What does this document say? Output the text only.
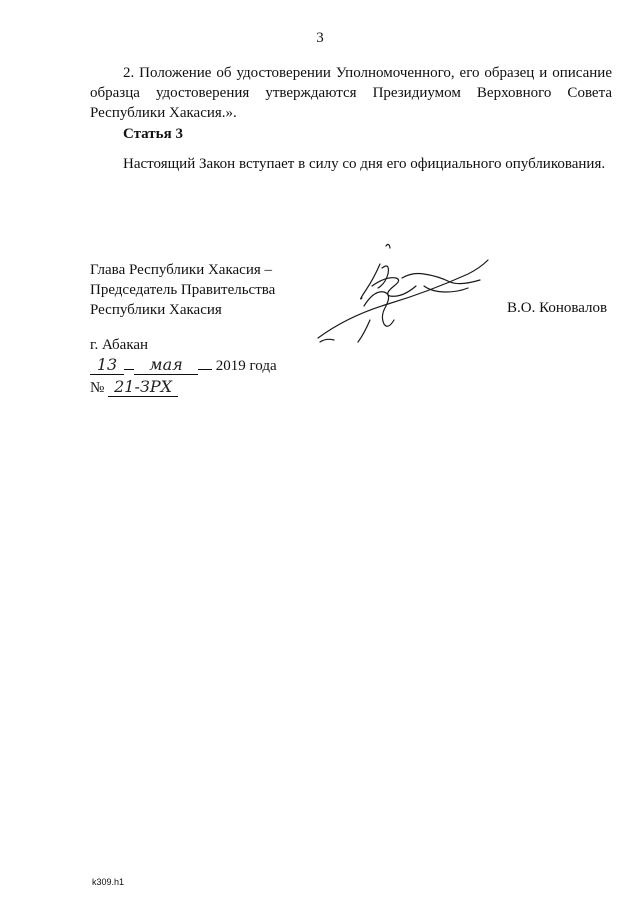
3
2. Положение об удостоверении Уполномоченного, его образец и описание образца удостоверения утверждаются Президиумом Верховного Совета Республики Хакасия.».
Статья 3
Настоящий Закон вступает в силу со дня его официального опубликования.
Глава Республики Хакасия –
Председатель Правительства
Республики Хакасия	В.О. Коновалов
г. Абакан
13 мая 2019 года
№ 21-ЗРХ
k309.h1
